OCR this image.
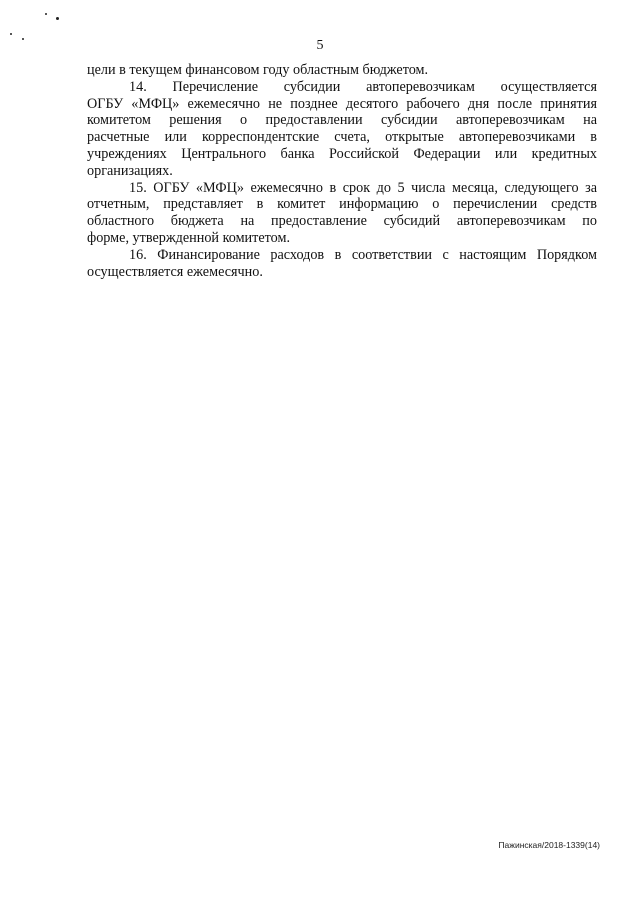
5

цели в текущем финансовом году областным бюджетом.

14. Перечисление субсидии автоперевозчикам осуществляется
ОГБУ «МФЦ» ежемесячно не позднее десятого рабочего дня после принятия
комитетом решения о предоставлении субсидии автоперевозчикам на
расчетные или корреспондентские счета, открытые автоперевозчиками в
учреждениях Центрального банка Российской Федерации или кредитных
организациях.

15. ОГБУ «МФЦ» ежемесячно в срок до 5 числа месяца, следующего за
отчетным, представляет в комитет информацию о перечислении средств
областного бюджета на предоставление субсидий автоперевозчикам по
форме, утвержденной комитетом.

16. Финансирование расходов в соответствии с настоящим Порядком
осуществляется ежемесячно.

Пажинская/2018-1339(14)
